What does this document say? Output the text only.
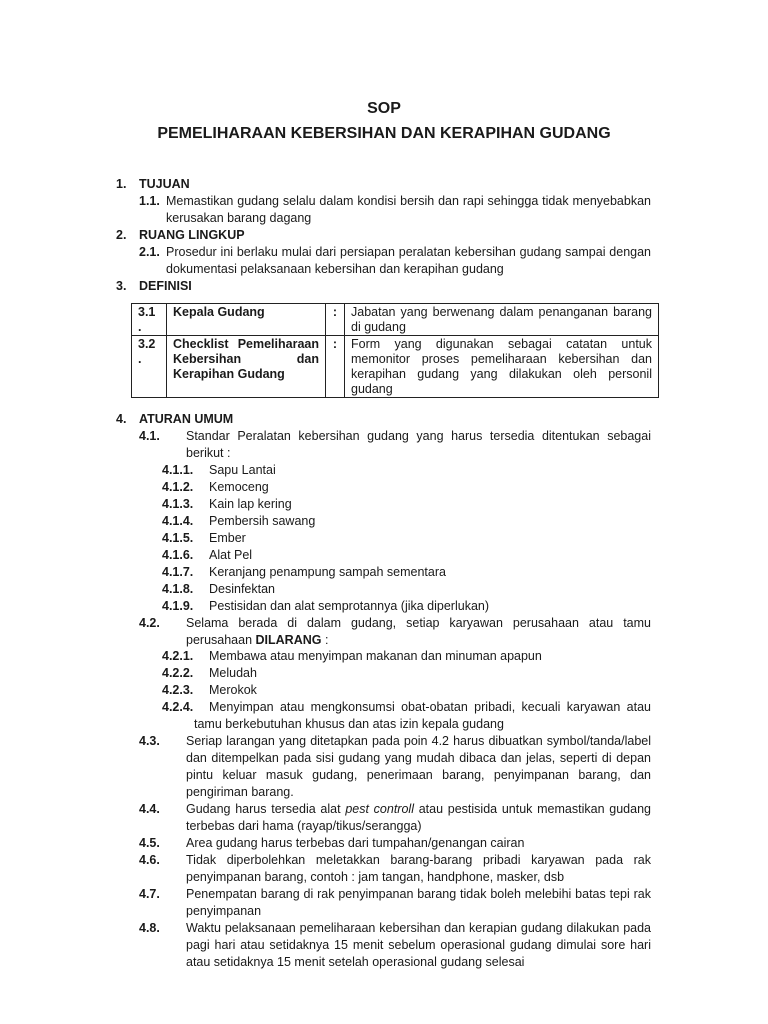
SOP
PEMELIHARAAN KEBERSIHAN DAN KERAPIHAN GUDANG
1. TUJUAN
1.1. Memastikan gudang selalu dalam kondisi bersih dan rapi sehingga tidak menyebabkan kerusakan barang dagang
2. RUANG LINGKUP
2.1. Prosedur ini berlaku mulai dari persiapan peralatan kebersihan gudang sampai dengan dokumentasi pelaksanaan kebersihan dan kerapihan gudang
3. DEFINISI
3.1 .	Kepala Gudang	:	Jabatan yang berwenang dalam penanganan barang di gudang
3.2 .	Checklist Pemeliharaan Kebersihan dan Kerapihan Gudang	:	Form yang digunakan sebagai catatan untuk memonitor proses pemeliharaan kebersihan dan kerapihan gudang yang dilakukan oleh personil gudang
4. ATURAN UMUM
4.1. Standar Peralatan kebersihan gudang yang harus tersedia ditentukan sebagai berikut :
4.1.1. Sapu Lantai
4.1.2. Kemoceng
4.1.3. Kain lap kering
4.1.4. Pembersih sawang
4.1.5. Ember
4.1.6. Alat Pel
4.1.7. Keranjang penampung sampah sementara
4.1.8. Desinfektan
4.1.9. Pestisidan dan alat semprotannya (jika diperlukan)
4.2. Selama berada di dalam gudang, setiap karyawan perusahaan atau tamu perusahaan DILARANG :
4.2.1. Membawa atau menyimpan makanan dan minuman apapun
4.2.2. Meludah
4.2.3. Merokok
4.2.4.	Menyimpan atau mengkonsumsi obat-obatan pribadi, kecuali karyawan atau tamu berkebutuhan khusus dan atas izin kepala gudang
4.3. Seriap larangan yang ditetapkan pada poin 4.2 harus dibuatkan symbol/tanda/label dan ditempelkan pada sisi gudang yang mudah dibaca dan jelas, seperti di depan pintu keluar masuk gudang, penerimaan barang, penyimpanan barang, dan pengiriman barang.
4.4. Gudang harus tersedia alat pest controll atau pestisida untuk memastikan gudang terbebas dari hama (rayap/tikus/serangga)
4.5. Area gudang harus terbebas dari tumpahan/genangan cairan
4.6. Tidak diperbolehkan meletakkan barang-barang pribadi karyawan pada rak penyimpanan barang, contoh : jam tangan, handphone, masker, dsb
4.7. Penempatan barang di rak penyimpanan barang tidak boleh melebihi batas tepi rak penyimpanan
4.8. Waktu pelaksanaan pemeliharaan kebersihan dan kerapian gudang dilakukan pada pagi hari atau setidaknya 15 menit sebelum operasional gudang dimulai sore hari atau setidaknya 15 menit setelah operasional gudang selesai
